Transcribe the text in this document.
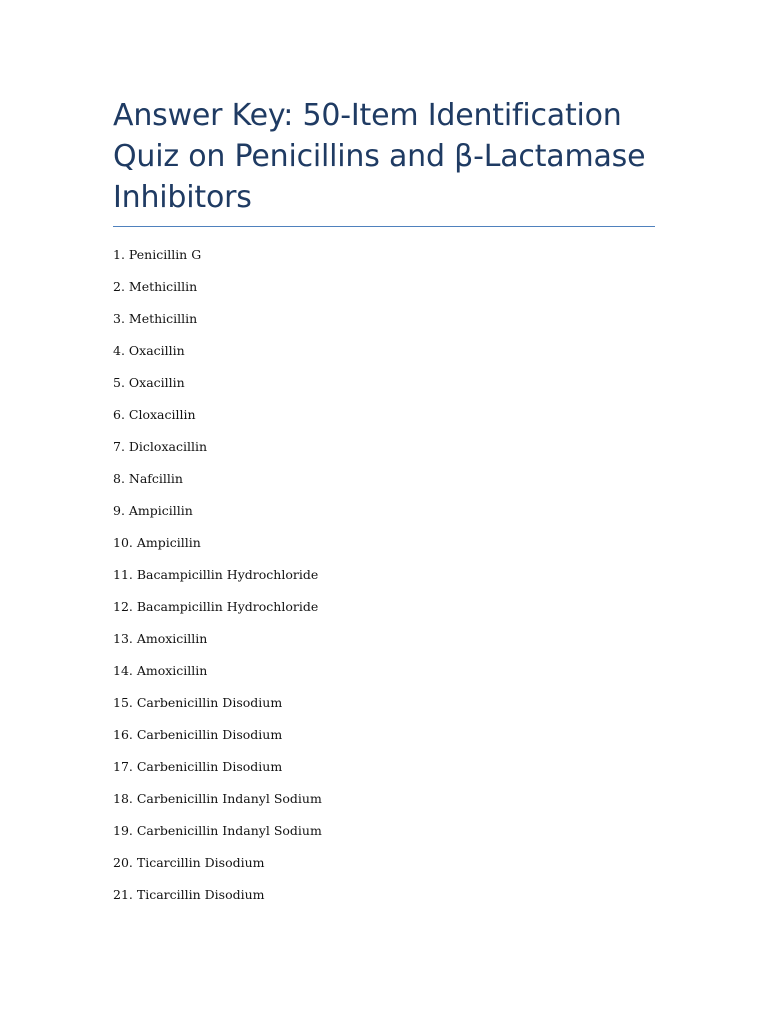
Answer Key: 50-Item Identification Quiz on Penicillins and β-Lactamase Inhibitors
1. Penicillin G
2. Methicillin
3. Methicillin
4. Oxacillin
5. Oxacillin
6. Cloxacillin
7. Dicloxacillin
8. Nafcillin
9. Ampicillin
10. Ampicillin
11. Bacampicillin Hydrochloride
12. Bacampicillin Hydrochloride
13. Amoxicillin
14. Amoxicillin
15. Carbenicillin Disodium
16. Carbenicillin Disodium
17. Carbenicillin Disodium
18. Carbenicillin Indanyl Sodium
19. Carbenicillin Indanyl Sodium
20. Ticarcillin Disodium
21. Ticarcillin Disodium
